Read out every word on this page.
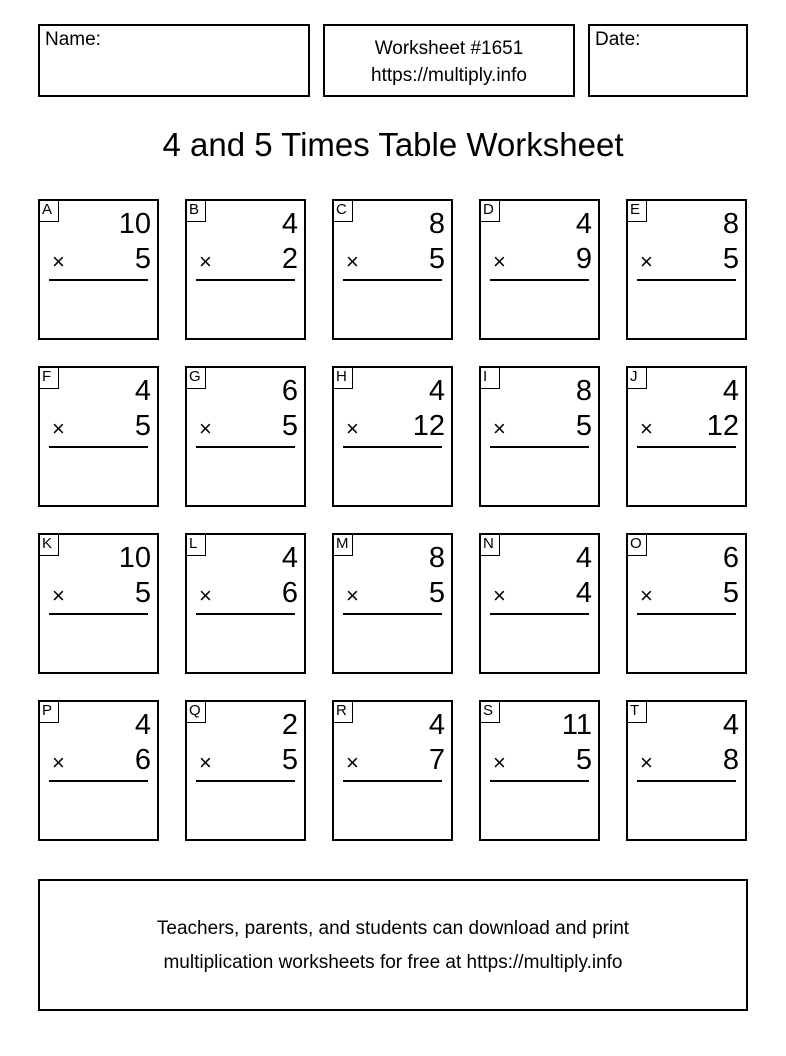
Name:	Worksheet #1651
https://multiply.info
Date:
4 and 5 Times Table Worksheet
A	10
×	5
B	4
×	2
C	8
×	5
D	4
×	9
E	8
×	5
F	4
×	5
G	6
×	5
H	4
×	12
I	8
×	5
J	4
×	12
K	10
×	5
L	4
×	6
M	8
×	5
N	4
×	4
O	6
×	5
P	4
×	6
Q	2
×	5
R	4
×	7
S	11
×	5
T	4
×	8
Teachers, parents, and students can download and print
multiplication worksheets for free at https://multiply.info
